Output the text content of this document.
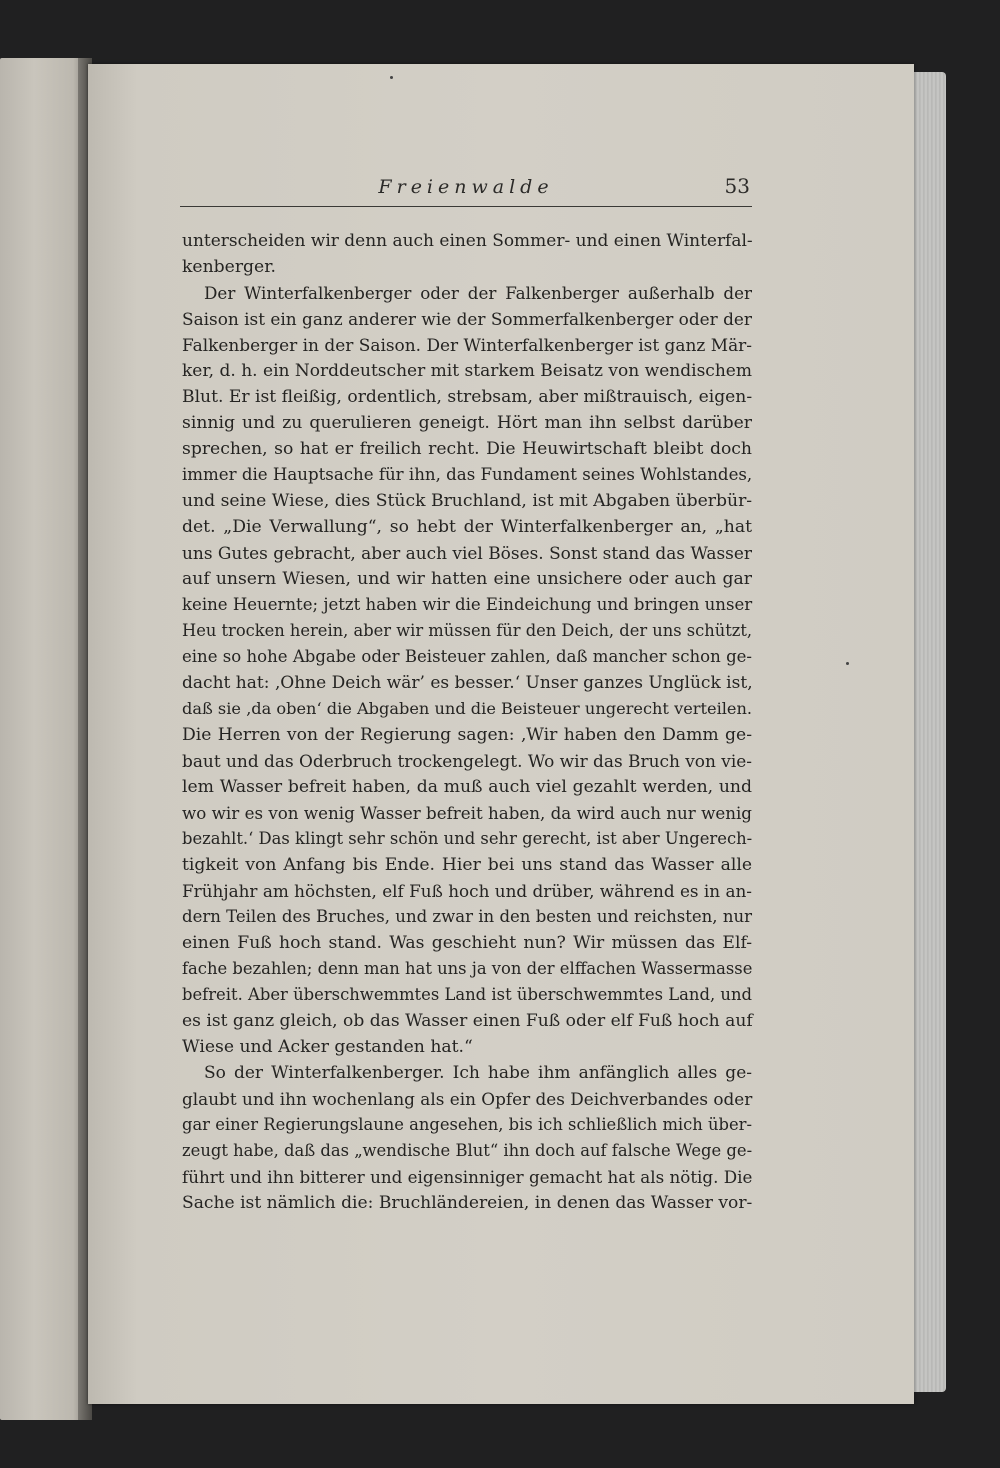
Freienwalde	53
unterscheiden wir denn auch einen Sommer- und einen Winterfal-
kenberger.
Der Winterfalkenberger oder der Falkenberger außerhalb der
Saison ist ein ganz anderer wie der Sommerfalkenberger oder der
Falkenberger in der Saison. Der Winterfalkenberger ist ganz Mär-
ker, d. h. ein Norddeutscher mit starkem Beisatz von wendischem
Blut. Er ist fleißig, ordentlich, strebsam, aber mißtrauisch, eigen-
sinnig und zu querulieren geneigt. Hört man ihn selbst darüber
sprechen, so hat er freilich recht. Die Heuwirtschaft bleibt doch
immer die Hauptsache für ihn, das Fundament seines Wohlstandes,
und seine Wiese, dies Stück Bruchland, ist mit Abgaben überbür-
det. „Die Verwallung“, so hebt der Winterfalkenberger an, „hat
uns Gutes gebracht, aber auch viel Böses. Sonst stand das Wasser
auf unsern Wiesen, und wir hatten eine unsichere oder auch gar
keine Heuernte; jetzt haben wir die Eindeichung und bringen unser
Heu trocken herein, aber wir müssen für den Deich, der uns schützt,
eine so hohe Abgabe oder Beisteuer zahlen, daß mancher schon ge-
dacht hat: ‚Ohne Deich wär’ es besser.‘ Unser ganzes Unglück ist,
daß sie ‚da oben‘ die Abgaben und die Beisteuer ungerecht verteilen.
Die Herren von der Regierung sagen: ‚Wir haben den Damm ge-
baut und das Oderbruch trockengelegt. Wo wir das Bruch von vie-
lem Wasser befreit haben, da muß auch viel gezahlt werden, und
wo wir es von wenig Wasser befreit haben, da wird auch nur wenig
bezahlt.‘ Das klingt sehr schön und sehr gerecht, ist aber Ungerech-
tigkeit von Anfang bis Ende. Hier bei uns stand das Wasser alle
Frühjahr am höchsten, elf Fuß hoch und drüber, während es in an-
dern Teilen des Bruches, und zwar in den besten und reichsten, nur
einen Fuß hoch stand. Was geschieht nun? Wir müssen das Elf-
fache bezahlen; denn man hat uns ja von der elffachen Wassermasse
befreit. Aber überschwemmtes Land ist überschwemmtes Land, und
es ist ganz gleich, ob das Wasser einen Fuß oder elf Fuß hoch auf
Wiese und Acker gestanden hat.“
So der Winterfalkenberger. Ich habe ihm anfänglich alles ge-
glaubt und ihn wochenlang als ein Opfer des Deichverbandes oder
gar einer Regierungslaune angesehen, bis ich schließlich mich über-
zeugt habe, daß das „wendische Blut“ ihn doch auf falsche Wege ge-
führt und ihn bitterer und eigensinniger gemacht hat als nötig. Die
Sache ist nämlich die: Bruchländereien, in denen das Wasser vor-
